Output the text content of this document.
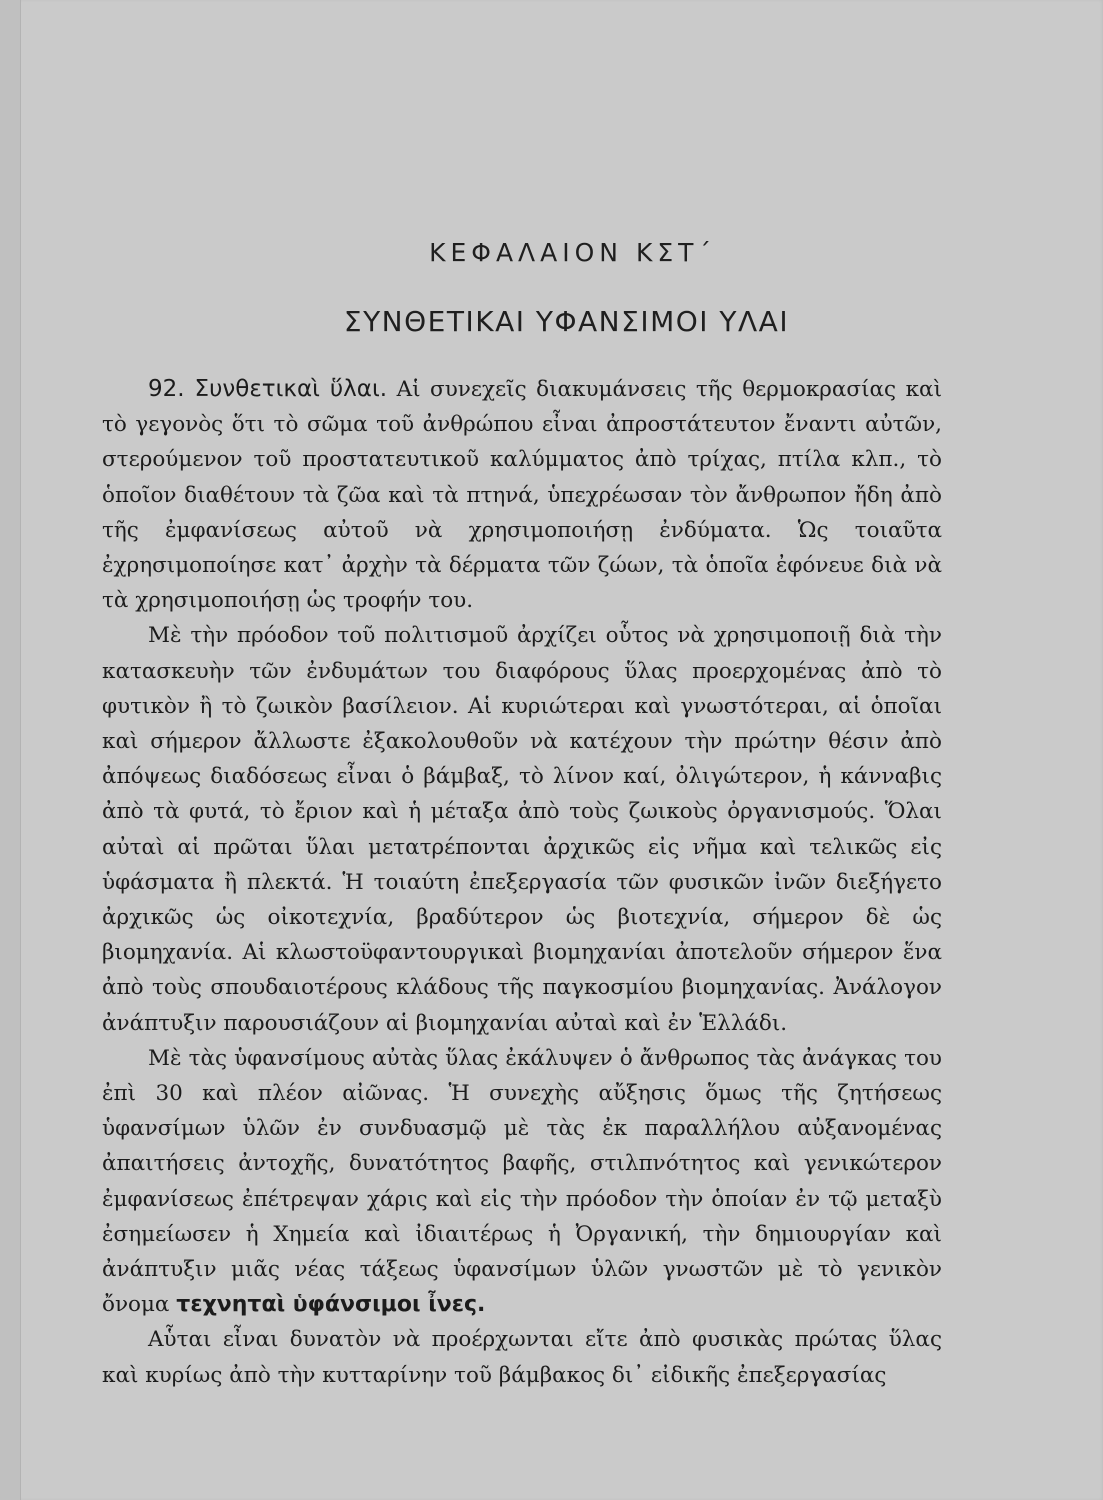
ΚΕΦΑΛΑΙΟΝ ΚΣΤ΄
ΣΥΝΘΕΤΙΚΑΙ ΥΦΑΝΣΙΜΟΙ ΥΛΑΙ

92. Συνθετικαὶ ὕλαι. Αἱ συνεχεῖς διακυμάνσεις τῆς θερμοκρασίας καὶ τὸ γεγονὸς ὅτι τὸ σῶμα τοῦ ἀνθρώπου εἶναι ἀπροστάτευτον ἔναντι αὐτῶν, στερούμενον τοῦ προστατευτικοῦ καλύμματος ἀπὸ τρίχας, πτίλα κλπ., τὸ ὁποῖον διαθέτουν τὰ ζῶα καὶ τὰ πτηνά, ὑπεχρέωσαν τὸν ἄνθρωπον ἤδη ἀπὸ τῆς ἐμφανίσεως αὐτοῦ νὰ χρησιμοποιήσῃ ἐνδύματα. Ὡς τοιαῦτα ἐχρησιμοποίησε κατ᾿ ἀρχὴν τὰ δέρματα τῶν ζώων, τὰ ὁποῖα ἐφόνευε διὰ νὰ τὰ χρησιμοποιήσῃ ὡς τροφήν του.

Μὲ τὴν πρόοδον τοῦ πολιτισμοῦ ἀρχίζει οὗτος νὰ χρησιμοποιῇ διὰ τὴν κατασκευὴν τῶν ἐνδυμάτων του διαφόρους ὕλας προερχομένας ἀπὸ τὸ φυτικὸν ἢ τὸ ζωικὸν βασίλειον. Αἱ κυριώτεραι καὶ γνωστότεραι, αἱ ὁποῖαι καὶ σήμερον ἄλλωστε ἐξακολουθοῦν νὰ κατέχουν τὴν πρώτην θέσιν ἀπὸ ἀπόψεως διαδόσεως εἶναι ὁ βάμβαξ, τὸ λίνον καί, ὀλιγώτερον, ἡ κάνναβις ἀπὸ τὰ φυτά, τὸ ἔριον καὶ ἡ μέταξα ἀπὸ τοὺς ζωικοὺς ὀργανισμούς. Ὅλαι αὐταὶ αἱ πρῶται ὕλαι μετατρέπονται ἀρχικῶς εἰς νῆμα καὶ τελικῶς εἰς ὑφάσματα ἢ πλεκτά. Ἡ τοιαύτη ἐπεξεργασία τῶν φυσικῶν ἰνῶν διεξήγετο ἀρχικῶς ὡς οἰκοτεχνία, βραδύτερον ὡς βιοτεχνία, σήμερον δὲ ὡς βιομηχανία. Αἱ κλωστοϋφαντουργικαὶ βιομηχανίαι ἀποτελοῦν σήμερον ἕνα ἀπὸ τοὺς σπουδαιοτέρους κλάδους τῆς παγκοσμίου βιομηχανίας. Ἀνάλογον ἀνάπτυξιν παρουσιάζουν αἱ βιομηχανίαι αὐταὶ καὶ ἐν Ἑλλάδι.

Μὲ τὰς ὑφανσίμους αὐτὰς ὕλας ἐκάλυψεν ὁ ἄνθρωπος τὰς ἀνάγκας του ἐπὶ 30 καὶ πλέον αἰῶνας. Ἡ συνεχὴς αὔξησις ὅμως τῆς ζητήσεως ὑφανσίμων ὑλῶν ἐν συνδυασμῷ μὲ τὰς ἐκ παραλλήλου αὐξανομένας ἀπαιτήσεις ἀντοχῆς, δυνατότητος βαφῆς, στιλπνότητος καὶ γενικώτερον ἐμφανίσεως ἐπέτρεψαν χάρις καὶ εἰς τὴν πρόοδον τὴν ὁποίαν ἐν τῷ μεταξὺ ἐσημείωσεν ἡ Χημεία καὶ ἰδιαιτέρως ἡ Ὀργανική, τὴν δημιουργίαν καὶ ἀνάπτυξιν μιᾶς νέας τάξεως ὑφανσίμων ὑλῶν γνωστῶν μὲ τὸ γενικὸν ὄνομα τεχνηταὶ ὑφάνσιμοι ἶνες.

Αὗται εἶναι δυνατὸν νὰ προέρχωνται εἴτε ἀπὸ φυσικὰς πρώτας ὕλας καὶ κυρίως ἀπὸ τὴν κυτταρίνην τοῦ βάμβακος δι᾿ εἰδικῆς ἐπεξεργασίας
